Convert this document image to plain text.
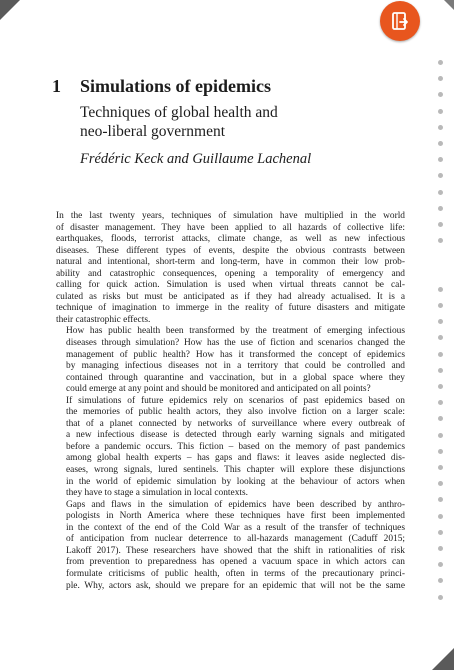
1 Simulations of epidemics
Techniques of global health and
neo-liberal government
Frédéric Keck and Guillaume Lachenal
In the last twenty years, techniques of simulation have multiplied in the world
of disaster management. They have been applied to all hazards of collective life:
earthquakes, floods, terrorist attacks, climate change, as well as new infectious
diseases. These different types of events, despite the obvious contrasts between
natural and intentional, short-term and long-term, have in common their low prob-
ability and catastrophic consequences, opening a temporality of emergency and
calling for quick action. Simulation is used when virtual threats cannot be cal-
culated as risks but must be anticipated as if they had already actualised. It is a
technique of imagination to immerge in the reality of future disasters and mitigate
their catastrophic effects.
How has public health been transformed by the treatment of emerging infectious
diseases through simulation? How has the use of fiction and scenarios changed the
management of public health? How has it transformed the concept of epidemics
by managing infectious diseases not in a territory that could be controlled and
contained through quarantine and vaccination, but in a global space where they
could emerge at any point and should be monitored and anticipated on all points?
If simulations of future epidemics rely on scenarios of past epidemics based on
the memories of public health actors, they also involve fiction on a larger scale:
that of a planet connected by networks of surveillance where every outbreak of
a new infectious disease is detected through early warning signals and mitigated
before a pandemic occurs. This fiction – based on the memory of past pandemics
among global health experts – has gaps and flaws: it leaves aside neglected dis-
eases, wrong signals, lured sentinels. This chapter will explore these disjunctions
in the world of epidemic simulation by looking at the behaviour of actors when
they have to stage a simulation in local contexts.
Gaps and flaws in the simulation of epidemics have been described by anthro-
pologists in North America where these techniques have first been implemented
in the context of the end of the Cold War as a result of the transfer of techniques
of anticipation from nuclear deterrence to all-hazards management (Caduff 2015;
Lakoff 2017). These researchers have showed that the shift in rationalities of risk
from prevention to preparedness has opened a vacuum space in which actors can
formulate criticisms of public health, often in terms of the precautionary princi-
ple. Why, actors ask, should we prepare for an epidemic that will not be the same
